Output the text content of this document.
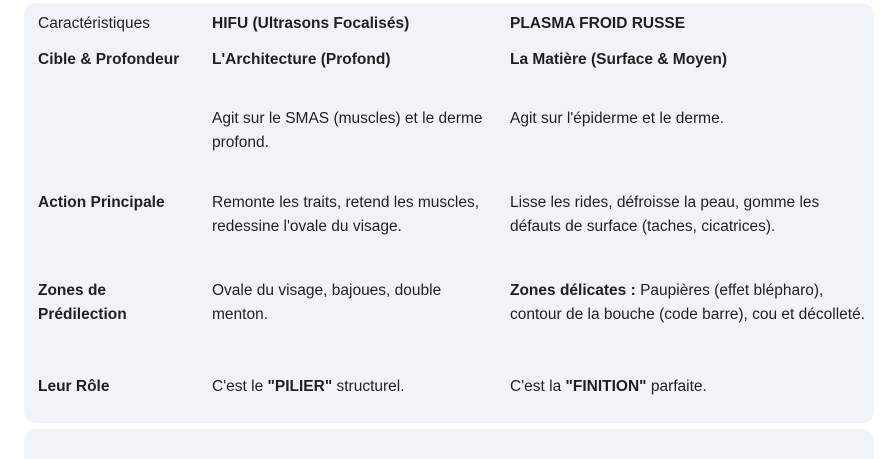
Caractéristiques	HIFU (Ultrasons Focalisés)	PLASMA FROID RUSSE
Cible & Profondeur	L'Architecture (Profond)	La Matière (Surface & Moyen)
	Agit sur le SMAS (muscles) et le derme profond.	Agit sur l'épiderme et le derme.
Action Principale	Remonte les traits, retend les muscles, redessine l'ovale du visage.	Lisse les rides, défroisse la peau, gomme les défauts de surface (taches, cicatrices).
Zones de Prédilection	Ovale du visage, bajoues, double menton.	Zones délicates : Paupières (effet blépharo), contour de la bouche (code barre), cou et décolleté.
Leur Rôle	C'est le "PILIER" structurel.	C'est la "FINITION" parfaite.
